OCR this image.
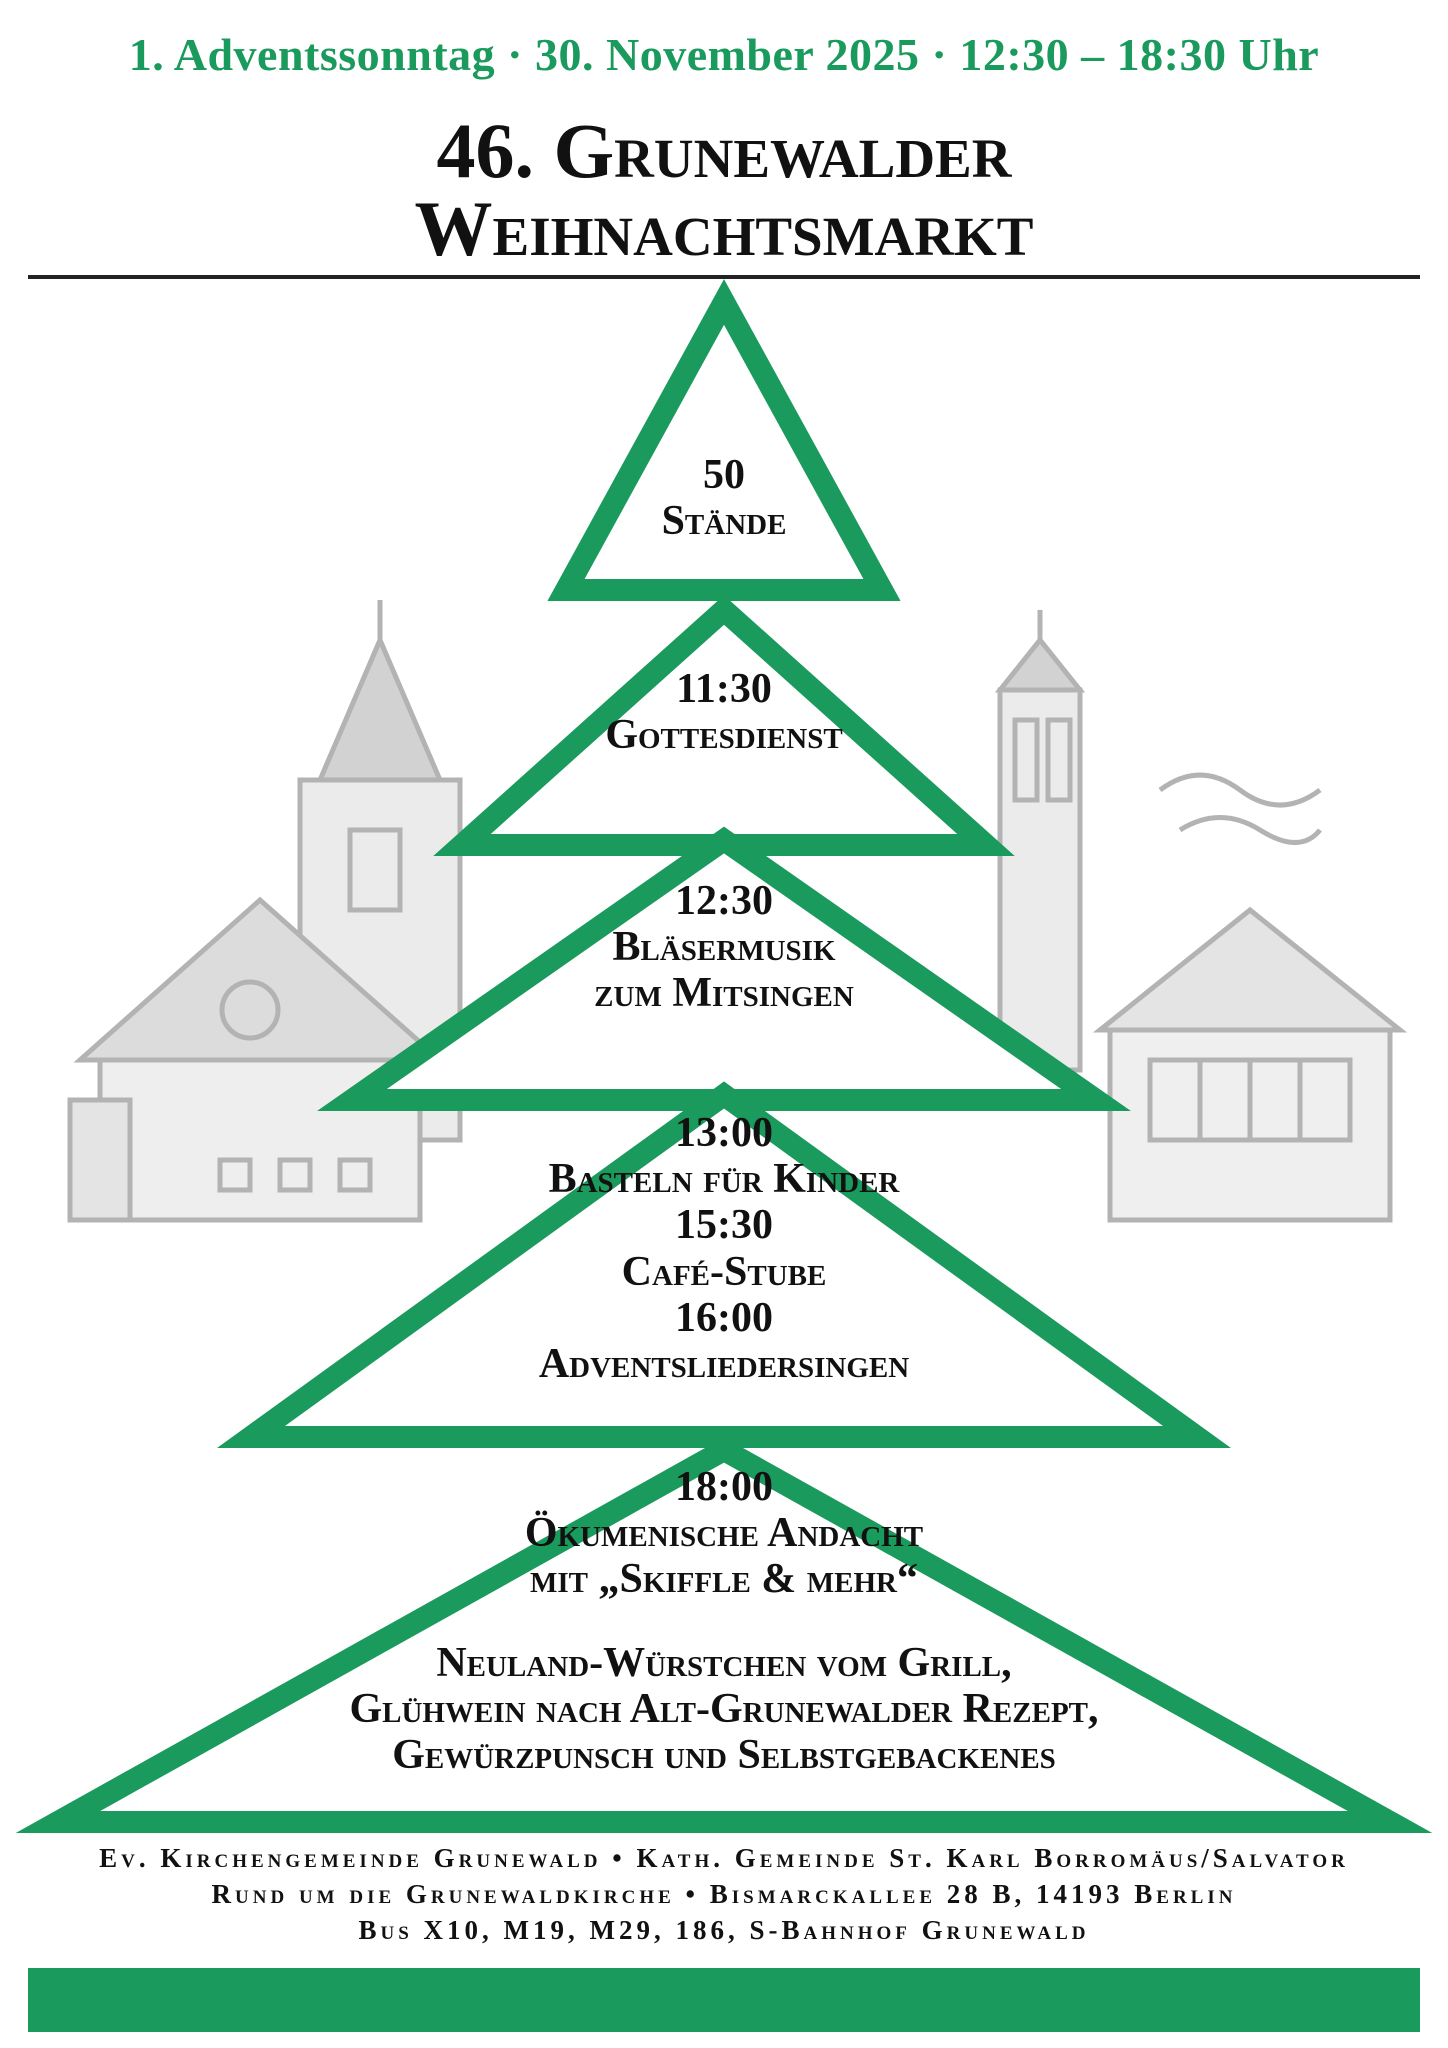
1. Adventssonntag · 30. November 2025 · 12:30 – 18:30 Uhr
46. Grunewalder
Weihnachtsmarkt
50
Stände
11:30
Gottesdienst
12:30
Bläsermusik
zum Mitsingen
13:00
Basteln für Kinder
15:30
Café-Stube
16:00
Adventsliedersingen
18:00
Ökumenische Andacht
mit „Skiffle & mehr“
Neuland-Würstchen vom Grill,
Glühwein nach Alt-Grunewalder Rezept,
Gewürzpunsch und Selbstgebackenes
Ev. Kirchengemeinde Grunewald • Kath. Gemeinde St. Karl Borromäus/Salvator
Rund um die Grunewaldkirche • Bismarckallee 28 B, 14193 Berlin
Bus X10, M19, M29, 186, S-Bahnhof Grunewald
